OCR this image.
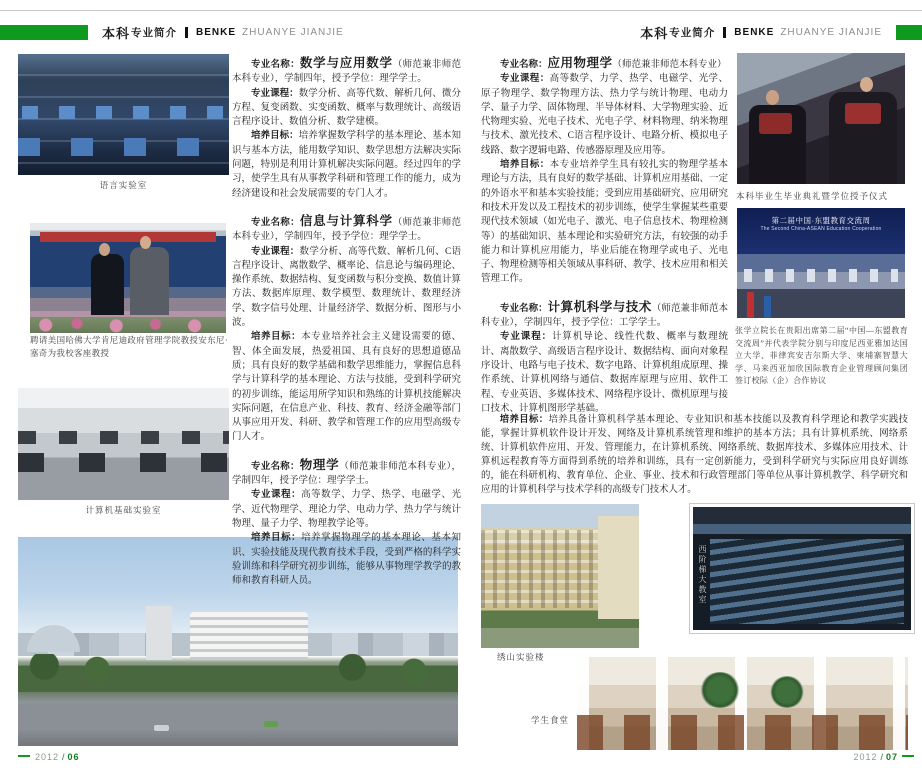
本科 专业简介 BENKE ZHUANYE JIANJIE	本科 专业简介 BENKE ZHUANYE JIANJIE
语言实验室
聘请美国哈佛大学肯尼迪政府管理学院教授安东尼·塞奇为我校客座教授
计算机基础实验室

专业名称：数学与应用数学（师范兼非师范本科专业），学制四年，授予学位：理学学士。

专业课程：数学分析、高等代数、解析几何、微分方程、复变函数、实变函数、概率与数理统计、高级语言程序设计、数值分析、数学建模。

培养目标：培养掌握数学科学的基本理论、基本知识与基本方法，能用数学知识、数学思想方法解决实际问题，特别是利用计算机解决实际问题。经过四年的学习，使学生具有从事教学科研和管理工作的能力，成为经济建设和社会发展需要的专门人才。

专业名称：信息与计算科学（师范兼非师范本科专业），学制四年，授予学位：理学学士。

专业课程：数学分析、高等代数、解析几何、C语言程序设计、离散数学、概率论、信息论与编码理论、操作系统、数据结构、复变函数与积分变换、数值计算方法、数据库原理、数学模型、数理统计、数理经济学、数字信号处理、计量经济学、数据分析、图形与小波。

培养目标：本专业培养社会主义建设需要的德、智、体全面发展，热爱祖国、具有良好的思想道德品质；具有良好的数学基础和数学思维能力，掌握信息科学与计算科学的基本理论、方法与技能，受到科学研究的初步训练，能运用所学知识和熟练的计算机技能解决实际问题，在信息产业、科技、教育、经济金融等部门从事应用开发、科研、教学和管理工作的应用型高级专门人才。

专业名称：物理学（师范兼非师范本科专业），学制四年，授予学位：理学学士。

专业课程：高等数学、力学、热学、电磁学、光学、近代物理学、理论力学、电动力学、热力学与统计物理、量子力学、物理教学论等。

培养目标：培养掌握物理学的基本理论、基本知识、实验技能及现代教育技术手段，受到严格的科学实验训练和科学研究初步训练，能够从事物理学教学的教师和教育科研人员。

专业名称：应用物理学（师范兼非师范本科专业）

专业课程：高等数学、力学、热学、电磁学、光学、原子物理学、数学物理方法、热力学与统计物理、电动力学、量子力学、固体物理、半导体材料、大学物理实验、近代物理实验、光电子技术、光电子学、材料物理、纳米物理与技术、激光技术、C语言程序设计、电路分析、模拟电子线路、数字逻辑电路、传感器原理及应用等。

培养目标：本专业培养学生具有较扎实的物理学基本理论与方法，具有良好的数学基础、计算机应用基础、一定的外语水平和基本实验技能；受到应用基础研究、应用研究和技术开发以及工程技术的初步训练，使学生掌握某些重要现代技术领域（如光电子、激光、电子信息技术、物理检测等）的基础知识、基本理论和实验研究方法，有较强的动手能力和计算机应用能力，毕业后能在物理学或电子、光电子、物理检测等相关领域从事科研、教学、技术应用和相关管理工作。

专业名称：计算机科学与技术（师范兼非师范本科专业），学制四年，授予学位：工学学士。

专业课程：计算机导论、线性代数、概率与数理统计、离散数学、高级语言程序设计、数据结构、面向对象程序设计、电路与电子技术、数字电路、计算机组成原理、操作系统、计算机网络与通信、数据库原理与应用、软件工程、专业英语、多媒体技术、网络程序设计、微机原理与接口技术、计算机图形学基础。

培养目标：培养具备计算机科学基本理论、专业知识和基本技能以及教育科学理论和教学实践技能，掌握计算机软件设计开发、网络及计算机系统管理和维护的基本方法；具有计算机系统、网络系统、计算机软件应用、开发、管理能力，在计算机系统、网络系统、数据库技术、多媒体应用技术、计算机远程教育等方面得到系统的培养和训练，具有一定创新能力，受到科学研究与实际应用良好训练的，能在科研机构、教育单位、企业、事业、技术和行政管理部门等单位从事计算机教学、科学研究和应用的计算机科学与技术学科的高级专门技术人才。

本科毕业生毕业典礼暨学位授予仪式
第二届中国·东盟教育交流周
The Second China-ASEAN Education Cooperation
张学立院长在贵阳出席第二届“中国—东盟教育交流周”并代表学院分别与印度尼西亚雅加达国立大学、菲律宾安吉尔斯大学、柬埔寨智慧大学、马来西亚加欣国际教育企业管理顾问集团签订校际（企）合作协议
绣山实验楼
西阶梯大教室
学生食堂
2012 / 06	2012 / 07
